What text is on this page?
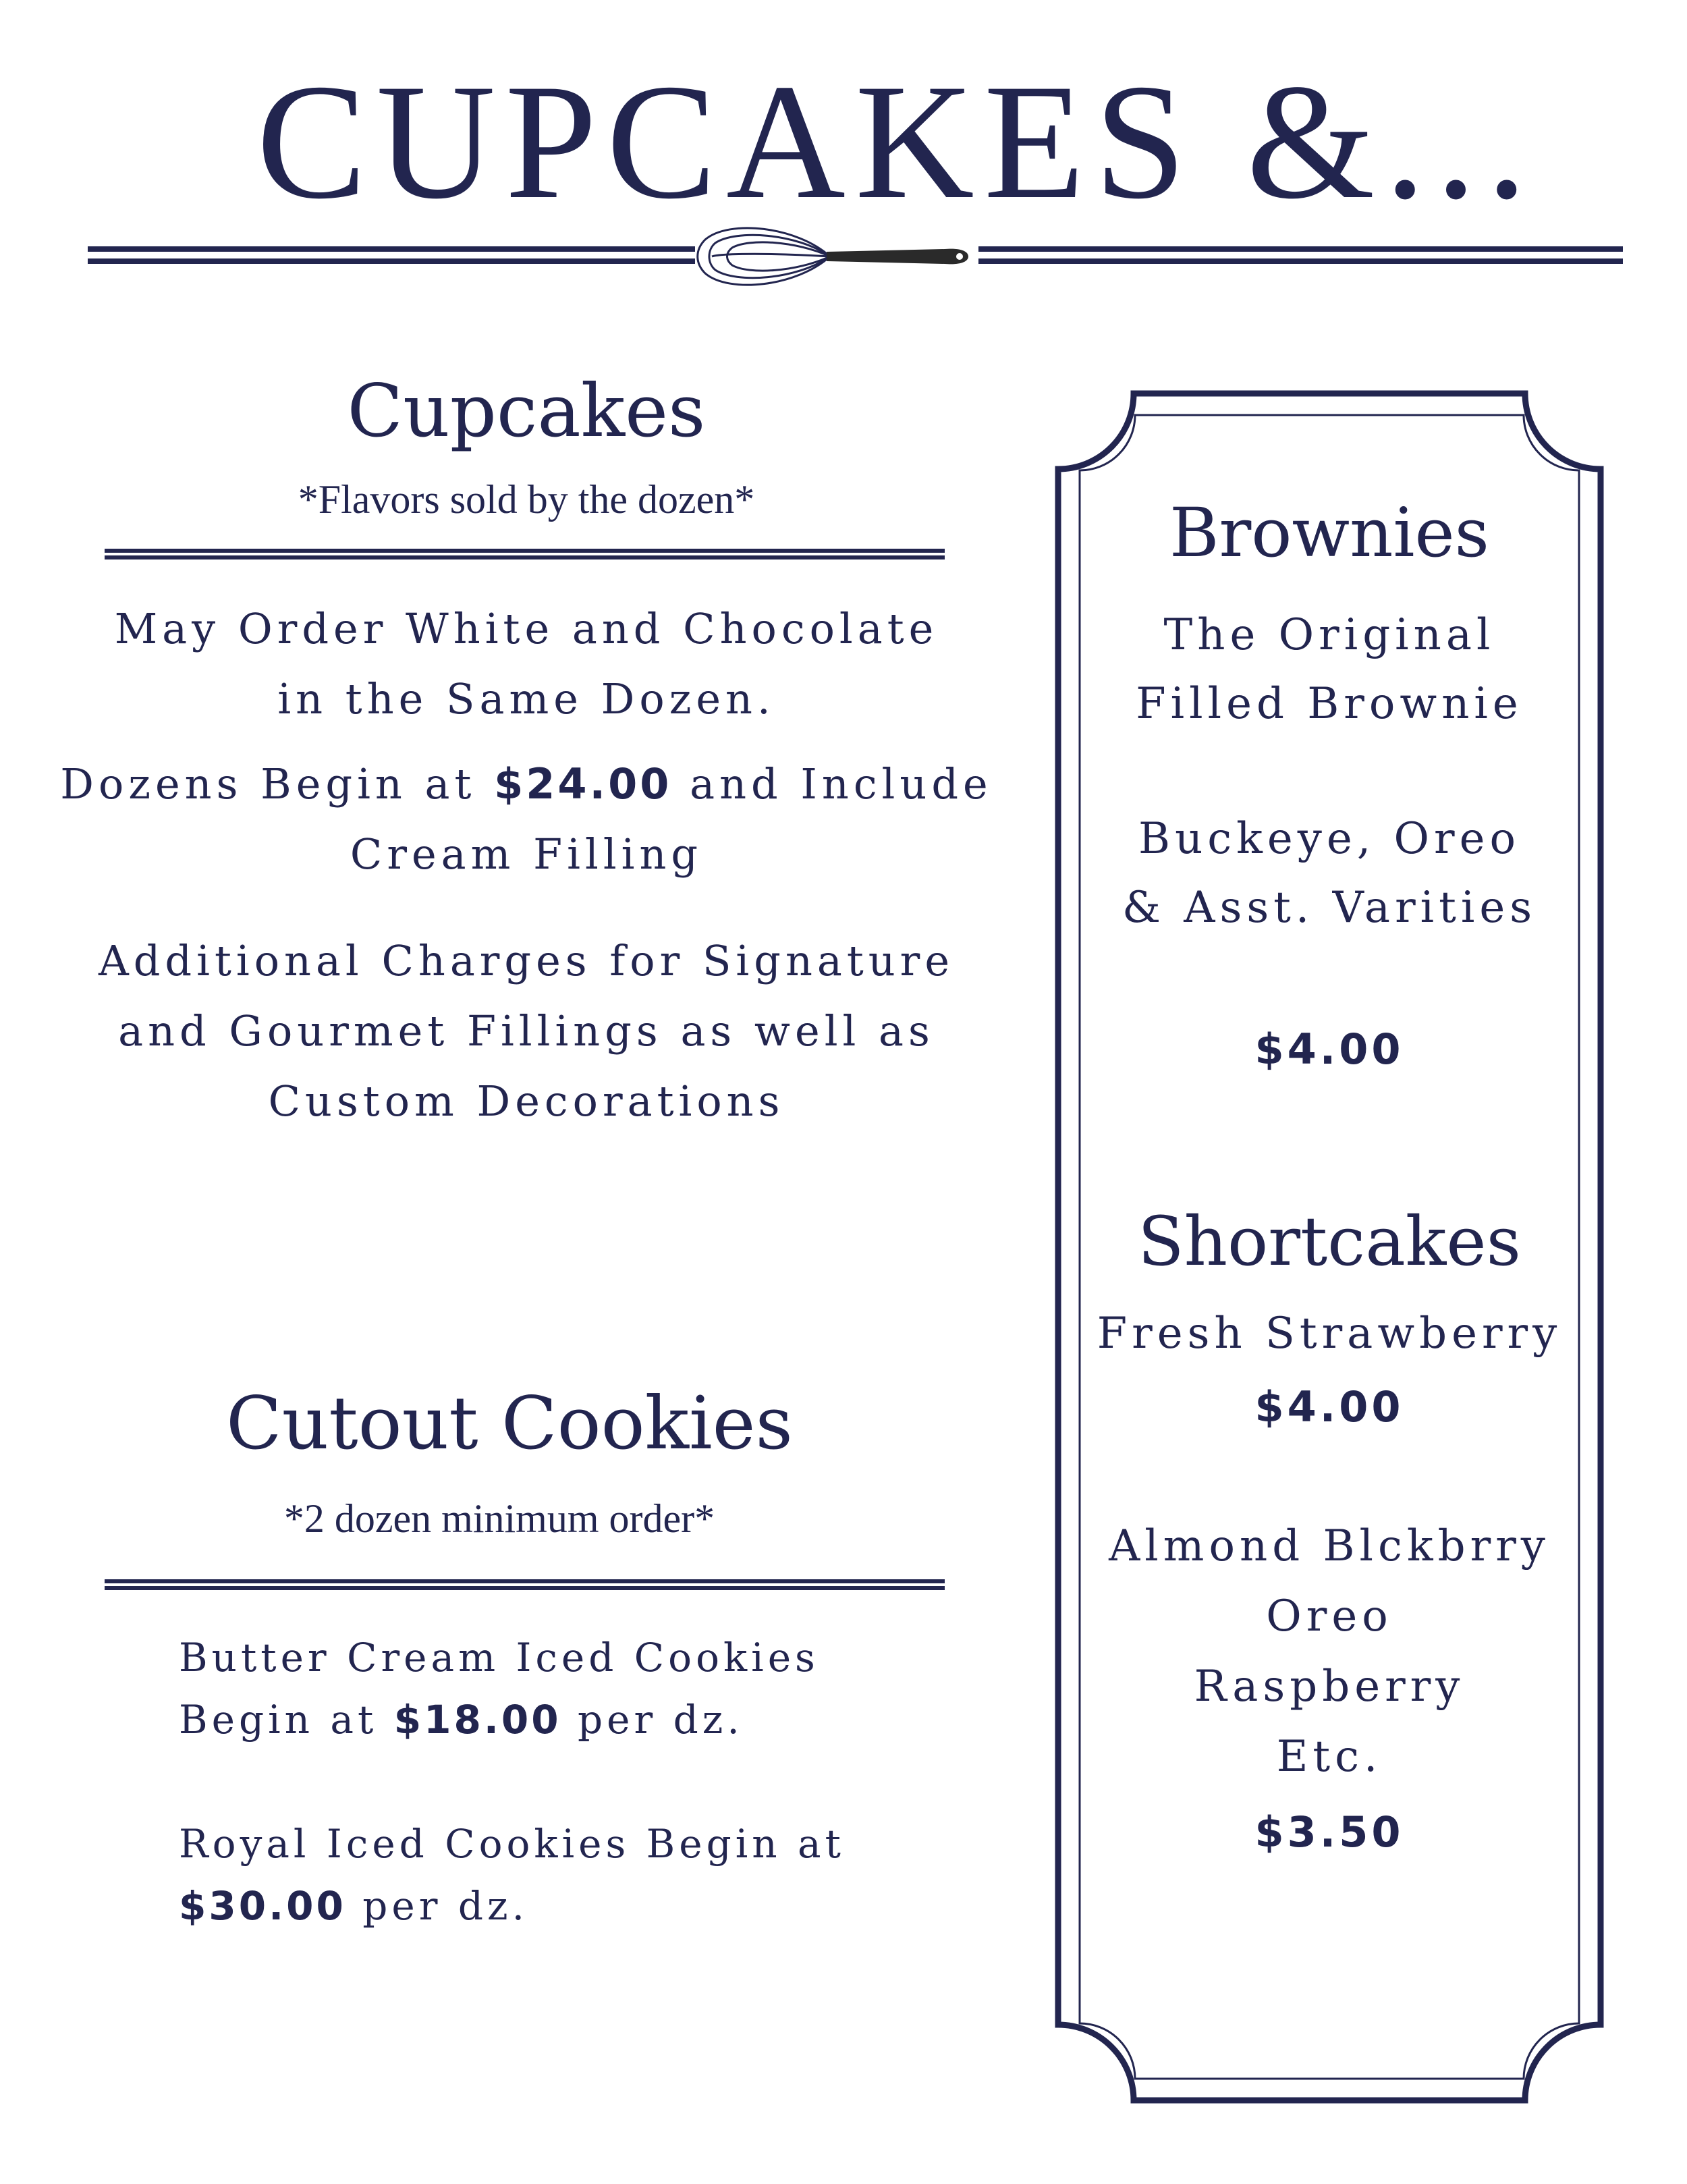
CUPCAKES &...
Cupcakes
*Flavors sold by the dozen*
May Order White and Chocolate
in the Same Dozen.
Dozens Begin at $24.00 and Include
Cream Filling
Additional Charges for Signature
and Gourmet Fillings as well as
Custom Decorations
Cutout Cookies
*2 dozen minimum order*
Butter Cream Iced Cookies
Begin at $18.00 per dz.
Royal Iced Cookies Begin at
$30.00 per dz.
Brownies
The Original
Filled Brownie
Buckeye, Oreo
& Asst. Varities
$4.00
Shortcakes
Fresh Strawberry
$4.00
Almond Blckbrry
Oreo
Raspberry
Etc.
$3.50
